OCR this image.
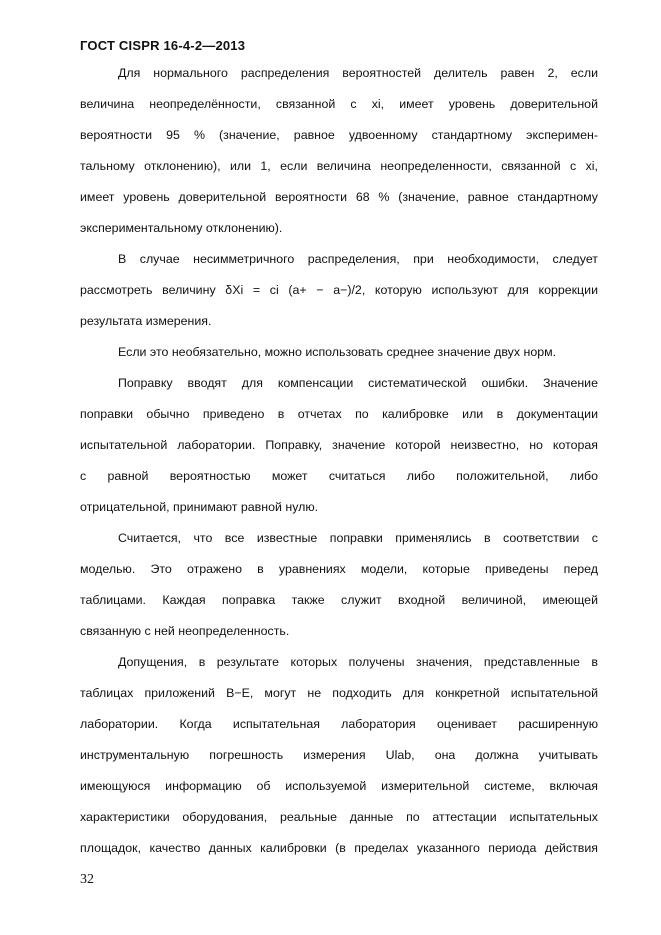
ГОСТ CISPR 16-4-2—2013
Для нормального распределения вероятностей делитель равен 2, если
величина неопределённости, связанной с xi, имеет уровень доверительной
вероятности 95 % (значение, равное удвоенному стандартному эксперимен-
тальному отклонению), или 1, если величина неопределенности, связанной с xi,
имеет уровень доверительной вероятности 68 % (значение, равное стандартному
экспериментальному отклонению).
В случае несимметричного распределения, при необходимости, следует
рассмотреть величину δXi = ci (a+ − a−)/2, которую используют для коррекции
результата измерения.
Если это необязательно, можно использовать среднее значение двух норм.
Поправку вводят для компенсации систематической ошибки. Значение
поправки обычно приведено в отчетах по калибровке или в документации
испытательной лаборатории. Поправку, значение которой неизвестно, но которая
с равной вероятностью может считаться либо положительной, либо
отрицательной, принимают равной нулю.
Считается, что все известные поправки применялись в соответствии с
моделью. Это отражено в уравнениях модели, которые приведены перед
таблицами. Каждая поправка также служит входной величиной, имеющей
связанную с ней неопределенность.
Допущения, в результате которых получены значения, представленные в
таблицах приложений В−Е, могут не подходить для конкретной испытательной
лаборатории. Когда испытательная лаборатория оценивает расширенную
инструментальную погрешность измерения Ulab, она должна учитывать
имеющуюся информацию об используемой измерительной системе, включая
характеристики оборудования, реальные данные по аттестации испытательных
площадок, качество данных калибровки (в пределах указанного периода действия
32
